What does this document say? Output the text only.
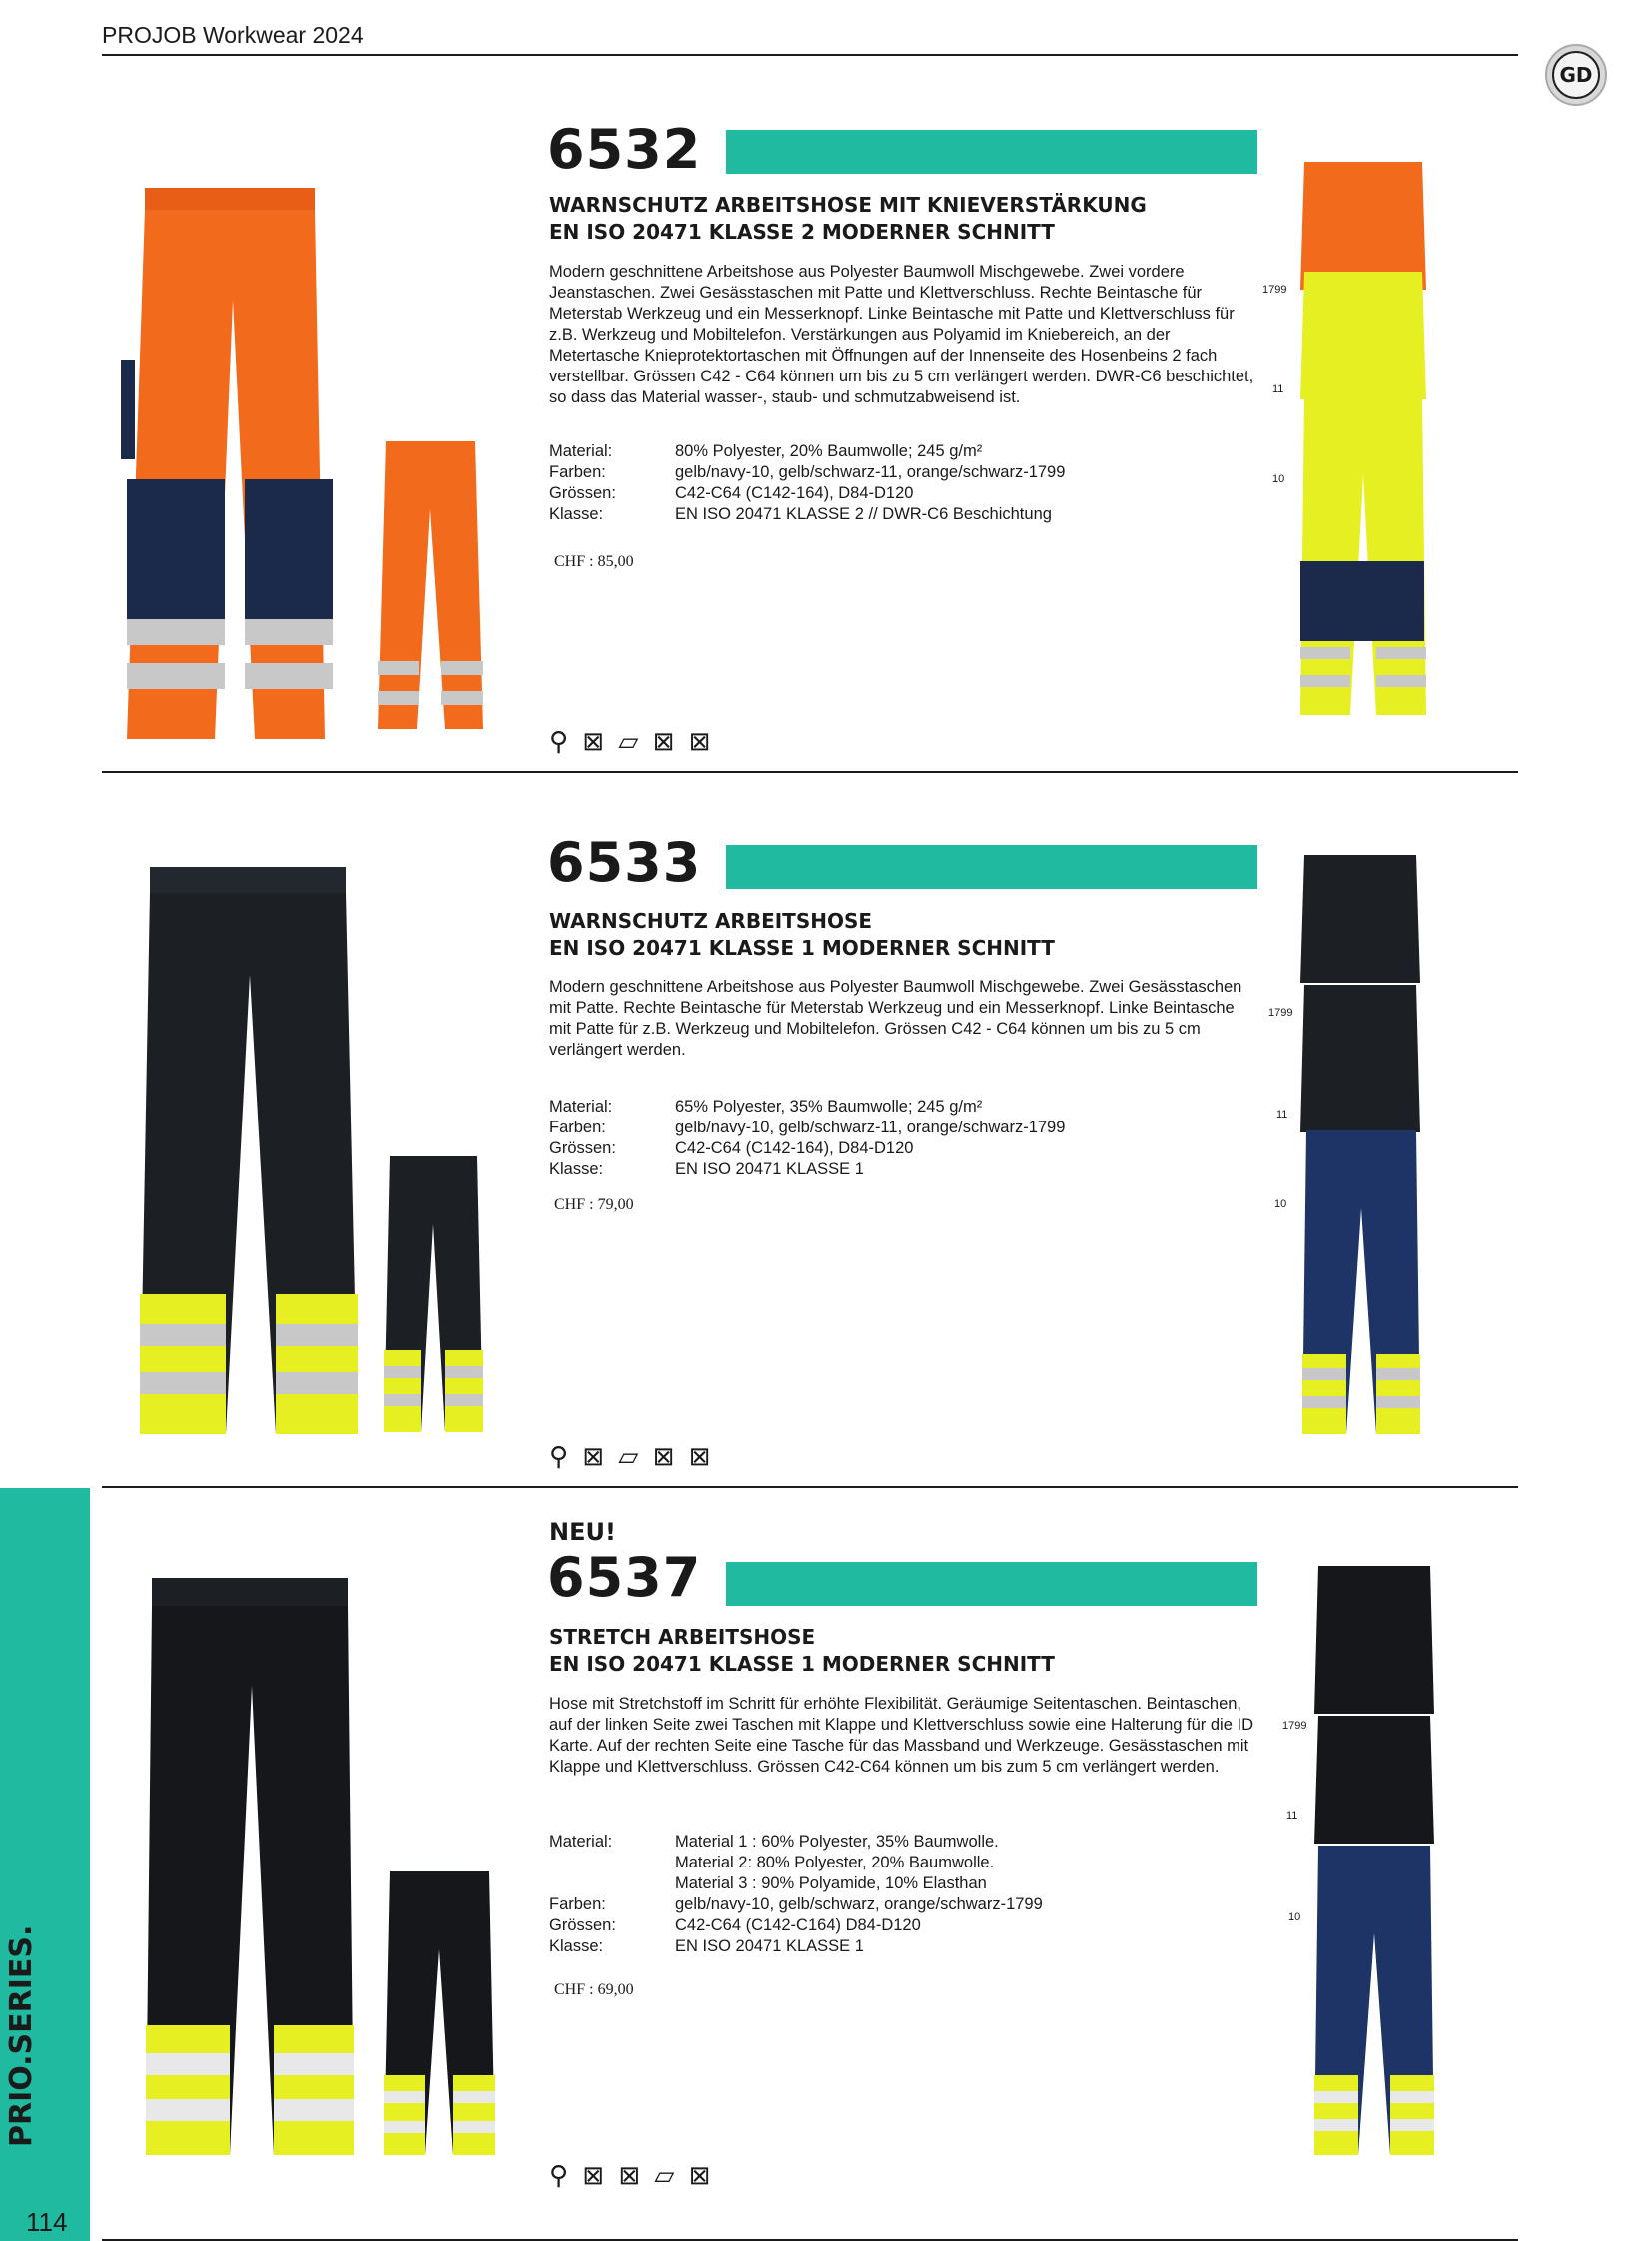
PROJOB Workwear 2024
GD
PRIO.SERIES.
114
6532
WARNSCHUTZ ARBEITSHOSE MIT KNIEVERSTÄRKUNG
EN ISO 20471 KLASSE 2 MODERNER SCHNITT
Modern geschnittene Arbeitshose aus Polyester Baumwoll Mischgewebe. Zwei vordere Jeanstaschen. Zwei Gesässtaschen mit Patte und Klettverschluss. Rechte Beintasche für Meterstab Werkzeug und ein Messerknopf. Linke Beintasche mit Patte und Klettverschluss für z.B. Werkzeug und Mobiltelefon. Verstärkungen aus Polyamid im Kniebereich, an der Metertasche Knieprotektortaschen mit Öffnungen auf der Innenseite des Hosenbeins 2 fach verstellbar. Grössen C42 - C64 können um bis zu 5 cm verlängert werden. DWR-C6 beschichtet, so dass das Material wasser-, staub- und schmutzabweisend ist.
Material:	80% Polyester, 20% Baumwolle; 245 g/m²
Farben:	gelb/navy-10, gelb/schwarz-11, orange/schwarz-1799
Grössen:	C42-C64 (C142-164), D84-D120
Klasse:	EN ISO 20471 KLASSE 2 // DWR-C6 Beschichtung
CHF : 85,00
⚲ ⊠ ▱ ⊠ ⊠
1799
11
10
6533
WARNSCHUTZ ARBEITSHOSE
EN ISO 20471 KLASSE 1 MODERNER SCHNITT
Modern geschnittene Arbeitshose aus Polyester Baumwoll Mischgewebe. Zwei Gesässtaschen mit Patte. Rechte Beintasche für Meterstab Werkzeug und ein Messerknopf. Linke Beintasche mit Patte für z.B. Werkzeug und Mobiltelefon. Grössen C42 - C64 können um bis zu 5 cm verlängert werden.
Material:	65% Polyester, 35% Baumwolle; 245 g/m²
Farben:	gelb/navy-10, gelb/schwarz-11, orange/schwarz-1799
Grössen:	C42-C64 (C142-164), D84-D120
Klasse:	EN ISO 20471 KLASSE 1
CHF : 79,00
⚲ ⊠ ▱ ⊠ ⊠
1799
11
10
NEU!
6537
STRETCH ARBEITSHOSE
EN ISO 20471 KLASSE 1 MODERNER SCHNITT
Hose mit Stretchstoff im Schritt für erhöhte Flexibilität. Geräumige Seitentaschen. Beintaschen, auf der linken Seite zwei Taschen mit Klappe und Klettverschluss sowie eine Halterung für die ID Karte. Auf der rechten Seite eine Tasche für das Massband und Werkzeuge. Gesässtaschen mit Klappe und Klettverschluss. Grössen C42-C64 können um bis zum 5 cm verlängert werden.
Material:	Material 1 : 60% Polyester, 35% Baumwolle.
Material 2: 80% Polyester, 20% Baumwolle.
Material 3 : 90% Polyamide, 10% Elasthan
Farben:	gelb/navy-10, gelb/schwarz, orange/schwarz-1799
Grössen:	C42-C64 (C142-C164) D84-D120
Klasse:	EN ISO 20471 KLASSE 1
CHF : 69,00
⚲ ⊠ ⊠ ▱ ⊠
1799
11
10
